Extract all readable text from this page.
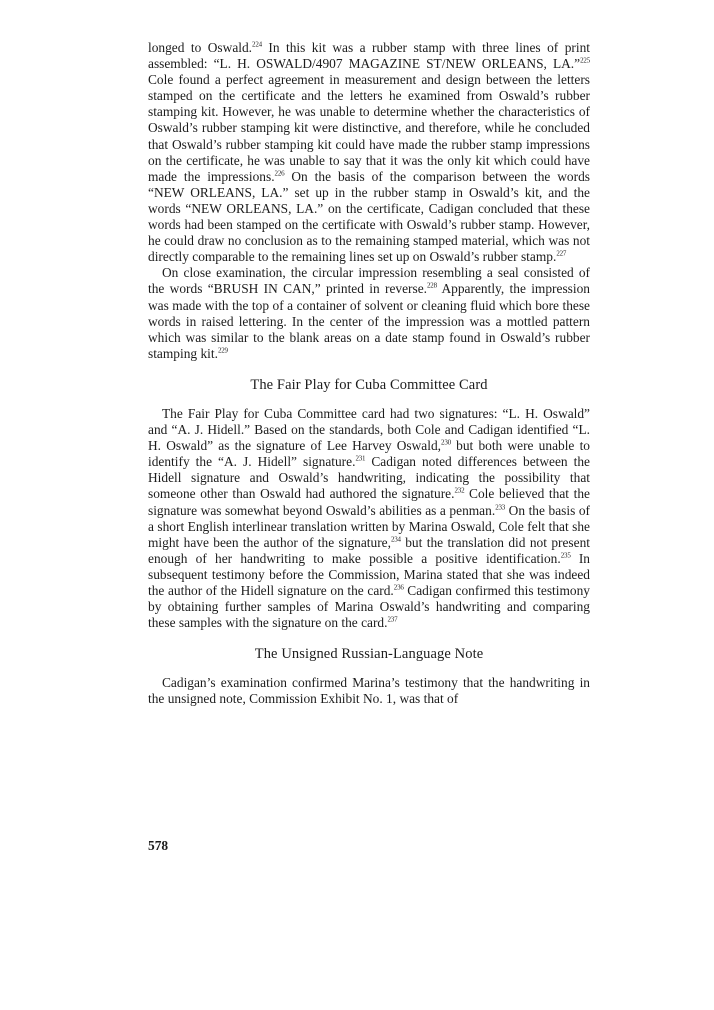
longed to Oswald.$^{224}$ In this kit was a rubber stamp with three lines of print assembled: “L. H. OSWALD/4907 MAGAZINE ST/NEW ORLEANS, LA.”$^{225}$ Cole found a perfect agreement in measurement and design between the letters stamped on the certificate and the letters he examined from Oswald’s rubber stamping kit. However, he was unable to determine whether the characteristics of Oswald’s rubber stamping kit were distinctive, and therefore, while he concluded that Oswald’s rubber stamping kit could have made the rubber stamp impressions on the certificate, he was unable to say that it was the only kit which could have made the impressions.$^{226}$ On the basis of the comparison between the words “NEW ORLEANS, LA.” set up in the rubber stamp in Oswald’s kit, and the words “NEW ORLEANS, LA.” on the certificate, Cadigan concluded that these words had been stamped on the certificate with Oswald’s rubber stamp. However, he could draw no conclusion as to the remaining stamped material, which was not directly comparable to the remaining lines set up on Oswald’s rubber stamp.$^{227}$

On close examination, the circular impression resembling a seal consisted of the words “BRUSH IN CAN,” printed in reverse.$^{228}$ Apparently, the impression was made with the top of a container of solvent or cleaning fluid which bore these words in raised lettering. In the center of the impression was a mottled pattern which was similar to the blank areas on a date stamp found in Oswald’s rubber stamping kit.$^{229}$

The Fair Play for Cuba Committee Card

The Fair Play for Cuba Committee card had two signatures: “L. H. Oswald” and “A. J. Hidell.” Based on the standards, both Cole and Cadigan identified “L. H. Oswald” as the signature of Lee Harvey Oswald,$^{230}$ but both were unable to identify the “A. J. Hidell” signature.$^{231}$ Cadigan noted differences between the Hidell signature and Oswald’s handwriting, indicating the possibility that someone other than Oswald had authored the signature.$^{232}$ Cole believed that the signature was somewhat beyond Oswald’s abilities as a penman.$^{233}$ On the basis of a short English interlinear translation written by Marina Oswald, Cole felt that she might have been the author of the signature,$^{234}$ but the translation did not present enough of her handwriting to make possible a positive identification.$^{235}$ In subsequent testimony before the Commission, Marina stated that she was indeed the author of the Hidell signature on the card.$^{236}$ Cadigan confirmed this testimony by obtaining further samples of Marina Oswald’s handwriting and comparing these samples with the signature on the card.$^{237}$

The Unsigned Russian-Language Note

Cadigan’s examination confirmed Marina’s testimony that the handwriting in the unsigned note, Commission Exhibit No. 1, was that of

578
